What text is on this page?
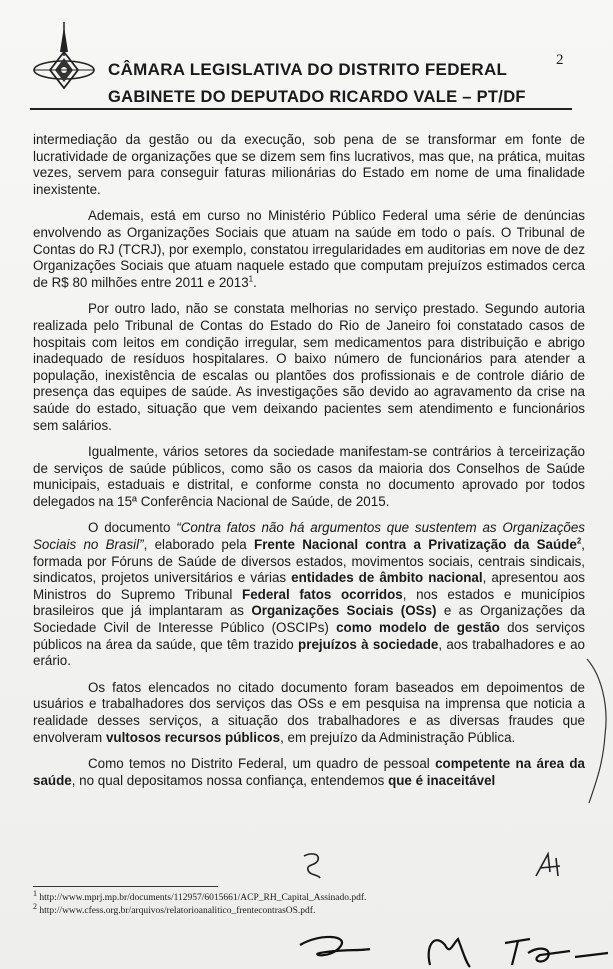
CÂMARA LEGISLATIVA DO DISTRITO FEDERAL
GABINETE DO DEPUTADO RICARDO VALE – PT/DF
2

intermediação da gestão ou da execução, sob pena de se transformar em fonte de lucratividade de organizações que se dizem sem fins lucrativos, mas que, na prática, muitas vezes, servem para conseguir faturas milionárias do Estado em nome de uma finalidade inexistente.

Ademais, está em curso no Ministério Público Federal uma série de denúncias envolvendo as Organizações Sociais que atuam na saúde em todo o país. O Tribunal de Contas do RJ (TCRJ), por exemplo, constatou irregularidades em auditorias em nove de dez Organizações Sociais que atuam naquele estado que computam prejuízos estimados cerca de R$ 80 milhões entre 2011 e 2013$^1$.

Por outro lado, não se constata melhorias no serviço prestado. Segundo autoria realizada pelo Tribunal de Contas do Estado do Rio de Janeiro foi constatado casos de hospitais com leitos em condição irregular, sem medicamentos para distribuição e abrigo inadequado de resíduos hospitalares. O baixo número de funcionários para atender a população, inexistência de escalas ou plantões dos profissionais e de controle diário de presença das equipes de saúde. As investigações são devido ao agravamento da crise na saúde do estado, situação que vem deixando pacientes sem atendimento e funcionários sem salários.

Igualmente, vários setores da sociedade manifestam-se contrários à terceirização de serviços de saúde públicos, como são os casos da maioria dos Conselhos de Saúde municipais, estaduais e distrital, e conforme consta no documento aprovado por todos delegados na 15ª Conferência Nacional de Saúde, de 2015.

O documento “Contra fatos não há argumentos que sustentem as Organizações Sociais no Brasil”, elaborado pela Frente Nacional contra a Privatização da Saúde$^2$, formada por Fóruns de Saúde de diversos estados, movimentos sociais, centrais sindicais, sindicatos, projetos universitários e várias entidades de âmbito nacional, apresentou aos Ministros do Supremo Tribunal Federal fatos ocorridos, nos estados e municípios brasileiros que já implantaram as Organizações Sociais (OSs) e as Organizações da Sociedade Civil de Interesse Público (OSCIPs) como modelo de gestão dos serviços públicos na área da saúde, que têm trazido prejuízos à sociedade, aos trabalhadores e ao erário.

Os fatos elencados no citado documento foram baseados em depoimentos de usuários e trabalhadores dos serviços das OSs e em pesquisa na imprensa que noticia a realidade desses serviços, a situação dos trabalhadores e as diversas fraudes que envolveram vultosos recursos públicos, em prejuízo da Administração Pública.

Como temos no Distrito Federal, um quadro de pessoal competente na área da saúde, no qual depositamos nossa confiança, entendemos que é inaceitável

$^1$ http://www.mprj.mp.br/documents/112957/6015661/ACP_RH_Capital_Assinado.pdf.
$^2$ http://www.cfess.org.br/arquivos/relatorioanalitico_frentecontrasOS.pdf.
